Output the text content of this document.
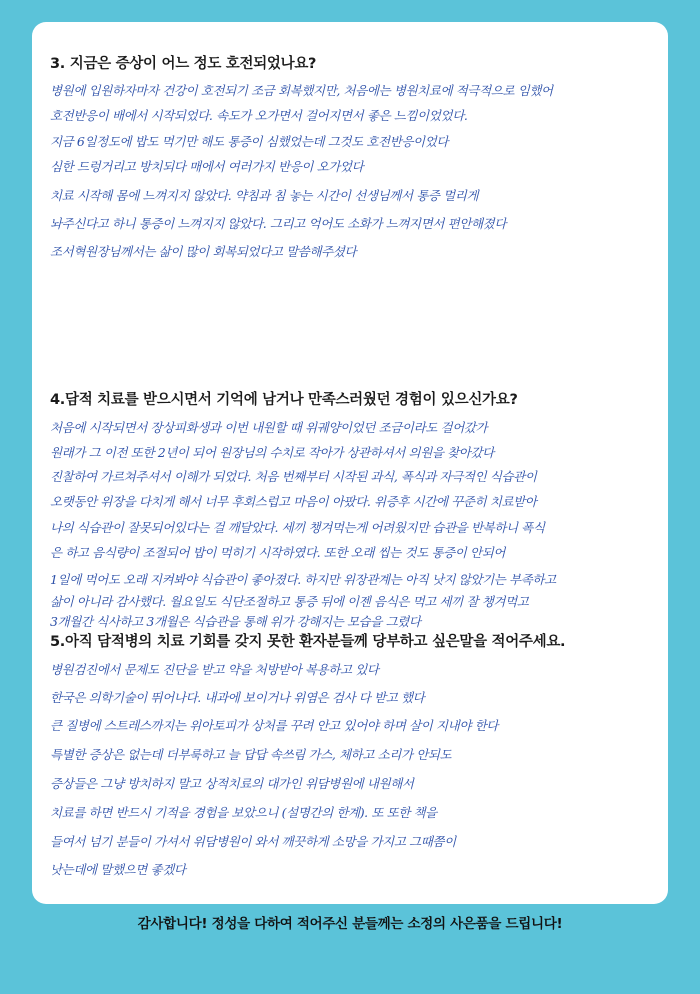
3. 지금은 증상이 어느 정도 호전되었나요?
병원에 입원하자마자 건강이 호전되기 조금 회복했지만, 처음에는 병원치료에 적극적으로 임했어
호전반응이 배에서 시작되었다. 속도가 오가면서 걸어지면서 좋은 느낌이었었다.
지금 6일정도에 밥도 먹기만 해도 통증이 심했었는데 그것도 호전반응이었다
심한 드렁거리고 방치되다 매에서 여러가지 반응이 오가었다
치료 시작해 몸에 느껴지지 않았다. 약침과 침 놓는 시간이 선생님께서 통증 멀리게
놔주신다고 하니 통증이 느껴지지 않았다. 그리고 억어도 소화가 느껴지면서 편안해졌다
조서혁원장님께서는 삶이 많이 회복되었다고 말씀해주셨다
4.담적 치료를 받으시면서 기억에 남거나 만족스러웠던 경험이 있으신가요?
처음에 시작되면서 장상피화생과 이번 내원할 때 위궤양이었던 조금이라도 걸어갔가
원래가 그 이전 또한 2년이 되어 원장님의 수치로 작아가 상관하셔서 의원을 찾아갔다
진찰하여 가르쳐주셔서 이해가 되었다. 처음 번째부터 시작된 과식, 폭식과 자극적인 식습관이
오랫동안 위장을 다치게 해서 너무 후회스럽고 마음이 아팠다. 위증후 시간에 꾸준히 치료받아
나의 식습관이 잘못되어있다는 걸 깨달았다. 세끼 챙겨먹는게 어려웠지만 습관을 반복하니 폭식
은 하고 음식량이 조절되어 밥이 먹히기 시작하였다. 또한 오래 씹는 것도 통증이 안되어
1일에 먹어도 오래 지켜봐야 식습관이 좋아졌다. 하지만 위장관계는 아직 낫지 않았기는 부족하고
삶이 아니라 감사했다. 월요일도 식단조절하고 통증 뒤에 이젠 음식은 먹고 세끼 잘 챙겨먹고
3개월간 식사하고 3개월은 식습관을 통해 위가 강해지는 모습을 그렸다
5.아직 담적병의 치료 기회를 갖지 못한 환자분들께 당부하고 싶은말을 적어주세요.
병원검진에서 문제도 진단을 받고 약을 처방받아 복용하고 있다
한국은 의학기술이 뛰어나다. 내과에 보이거나 위염은 검사 다 받고 했다
큰 질병에 스트레스까지는 위아토피가 상처를 꾸려 안고 있어야 하며 살이 지내야 한다
특별한 증상은 없는데 더부룩하고 늘 답답 속쓰림 가스, 체하고 소리가 안되도
증상들은 그냥 방치하지 말고 상적치료의 대가인 위담병원에 내원해서
치료를 하면 반드시 기적을 경험을 보았으니 (설명간의 한계). 또 또한 책을
들여서 넘기 분들이 가셔서 위담병원이 와서 깨끗하게 소망을 가지고 그때쯤이
낫는데에 말했으면 좋겠다
감사합니다! 정성을 다하여 적어주신 분들께는 소정의 사은품을 드립니다!
